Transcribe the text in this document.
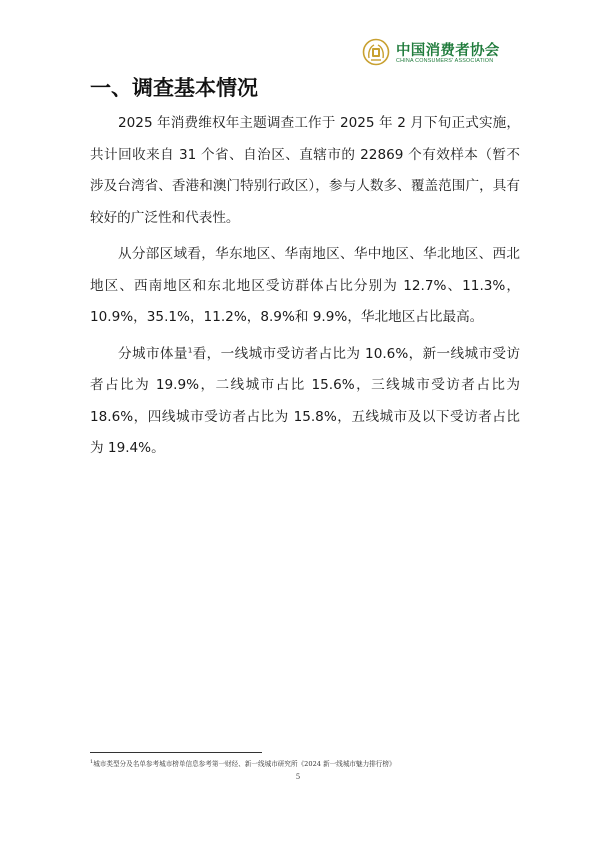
中国消费者协会
CHINA CONSUMERS' ASSOCIATION
一、调查基本情况

2025 年消费维权年主题调查工作于 2025 年 2 月下旬正式实施，共计回收来自 31 个省、自治区、直辖市的 22869 个有效样本（暂不涉及台湾省、香港和澳门特别行政区），参与人数多、覆盖范围广，具有较好的广泛性和代表性。

从分部区域看，华东地区、华南地区、华中地区、华北地区、西北地区、西南地区和东北地区受访群体占比分别为 12.7%、11.3%，10.9%，35.1%，11.2%，8.9%和 9.9%，华北地区占比最高。

分城市体量$^1$看，一线城市受访者占比为 10.6%，新一线城市受访者占比为 19.9%，二线城市占比 15.6%，三线城市受访者占比为 18.6%，四线城市受访者占比为 15.8%，五线城市及以下受访者占比为 19.4%。

$^1$城市类型分及名单参考城市榜单信息参考第一财经、新一线城市研究所《2024 新一线城市魅力排行榜》
5
